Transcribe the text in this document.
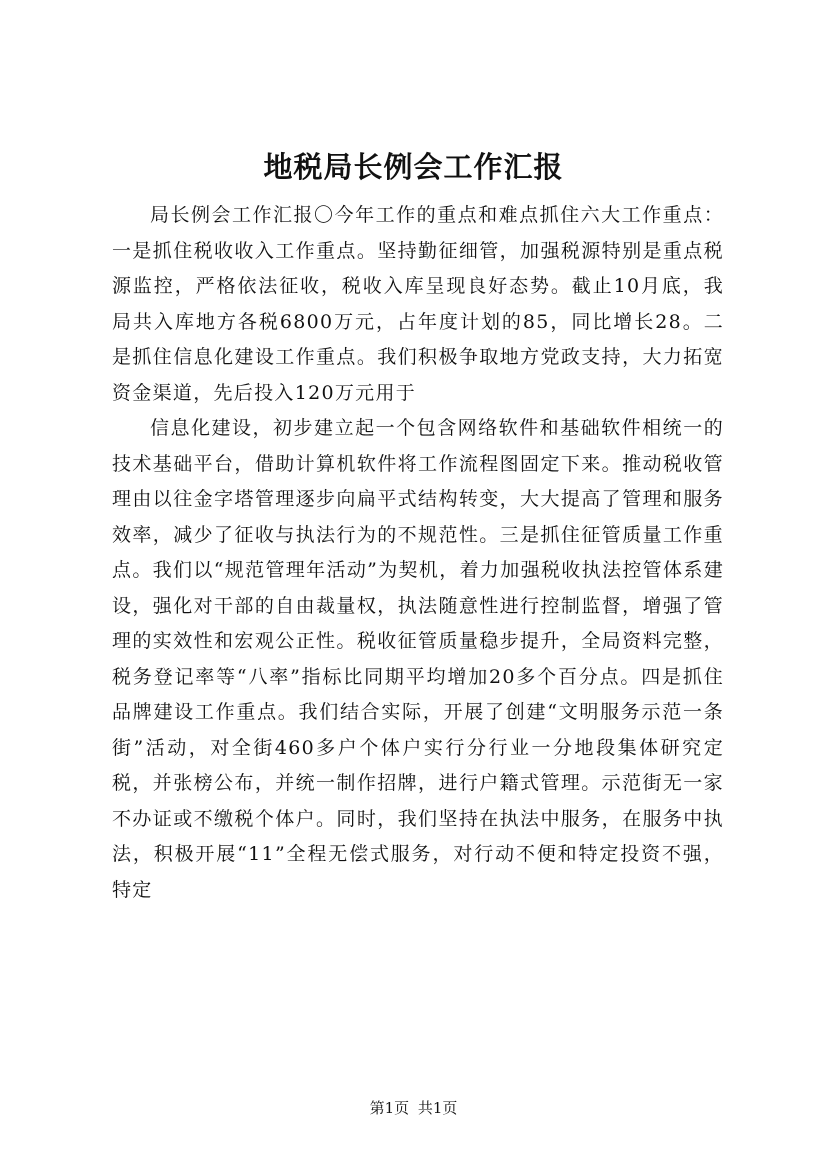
地税局长例会工作汇报

局长例会工作汇报〇今年工作的重点和难点抓住六大工作重点：一是抓住税收收入工作重点。坚持勤征细管，加强税源特别是重点税源监控，严格依法征收，税收入库呈现良好态势。截止10月底，我局共入库地方各税6800万元，占年度计划的85，同比增长28。二是抓住信息化建设工作重点。我们积极争取地方党政支持，大力拓宽资金渠道，先后投入120万元用于

信息化建设，初步建立起一个包含网络软件和基础软件相统一的技术基础平台，借助计算机软件将工作流程图固定下来。推动税收管理由以往金字塔管理逐步向扁平式结构转变，大大提高了管理和服务效率，减少了征收与执法行为的不规范性。三是抓住征管质量工作重点。我们以“规范管理年活动”为契机，着力加强税收执法控管体系建设，强化对干部的自由裁量权，执法随意性进行控制监督，增强了管理的实效性和宏观公正性。税收征管质量稳步提升，全局资料完整，税务登记率等“八率”指标比同期平均增加20多个百分点。四是抓住品牌建设工作重点。我们结合实际，开展了创建“文明服务示范一条街”活动，对全街460多户个体户实行分行业一分地段集体研究定税，并张榜公布，并统一制作招牌，进行户籍式管理。示范街无一家不办证或不缴税个体户。同时，我们坚持在执法中服务，在服务中执法，积极开展“11”全程无偿式服务，对行动不便和特定投资不强，特定

第1页 共1页
